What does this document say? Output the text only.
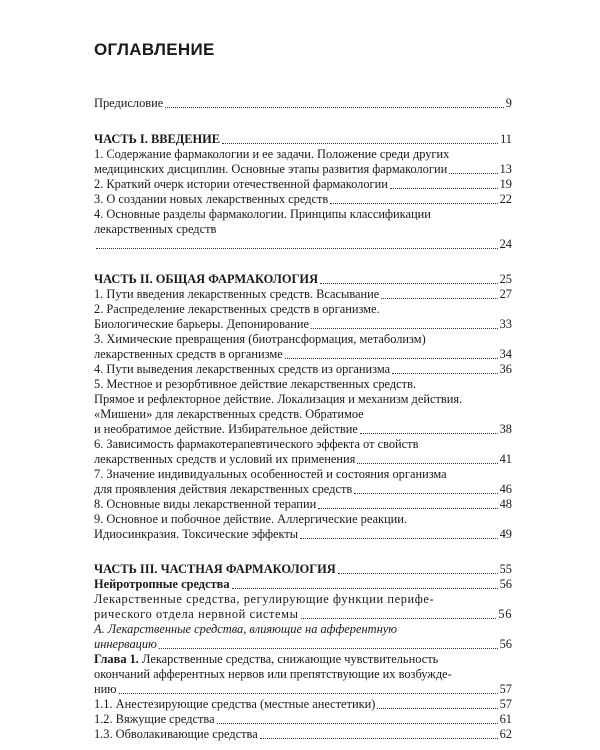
ОГЛАВЛЕНИЕ
Предисловие	9
ЧАСТЬ I. ВВЕДЕНИЕ	11
1. Содержание фармакологии и ее задачи. Положение среди других
медицинских дисциплин. Основные этапы развития фармакологии	13
2. Краткий очерк истории отечественной фармакологии	19
3. О создании новых лекарственных средств	22
4. Основные разделы фармакологии. Принципы классификации
лекарственных средств
24
ЧАСТЬ II. ОБЩАЯ ФАРМАКОЛОГИЯ	25
1. Пути введения лекарственных средств. Всасывание	27
2. Распределение лекарственных средств в организме.
Биологические барьеры. Депонирование	33
3. Химические превращения (биотрансформация, метаболизм)
лекарственных средств в организме	34
4. Пути выведения лекарственных средств из организма	36
5. Местное и резорбтивное действие лекарственных средств.
Прямое и рефлекторное действие. Локализация и механизм действия.
«Мишени» для лекарственных средств. Обратимое
и необратимое действие. Избирательное действие	38
6. Зависимость фармакотерапевтического эффекта от свойств
лекарственных средств и условий их применения	41
7. Значение индивидуальных особенностей и состояния организма
для проявления действия лекарственных средств	46
8. Основные виды лекарственной терапии	48
9. Основное и побочное действие. Аллергические реакции.
Идиосинкразия. Токсические эффекты	49
ЧАСТЬ III. ЧАСТНАЯ ФАРМАКОЛОГИЯ	55
Нейротропные средства	56
Лекарственные средства, регулирующие функции перифе-
рического отдела нервной системы	56
А. Лекарственные средства, влияющие на афферентную
иннервацию	56
Глава 1. Лекарственные средства, снижающие чувствительность
окончаний афферентных нервов или препятствующие их возбужде-
нию	57
1.1. Анестезирующие средства (местные анестетики)	57
1.2. Вяжущие средства	61
1.3. Обволакивающие средства	62
